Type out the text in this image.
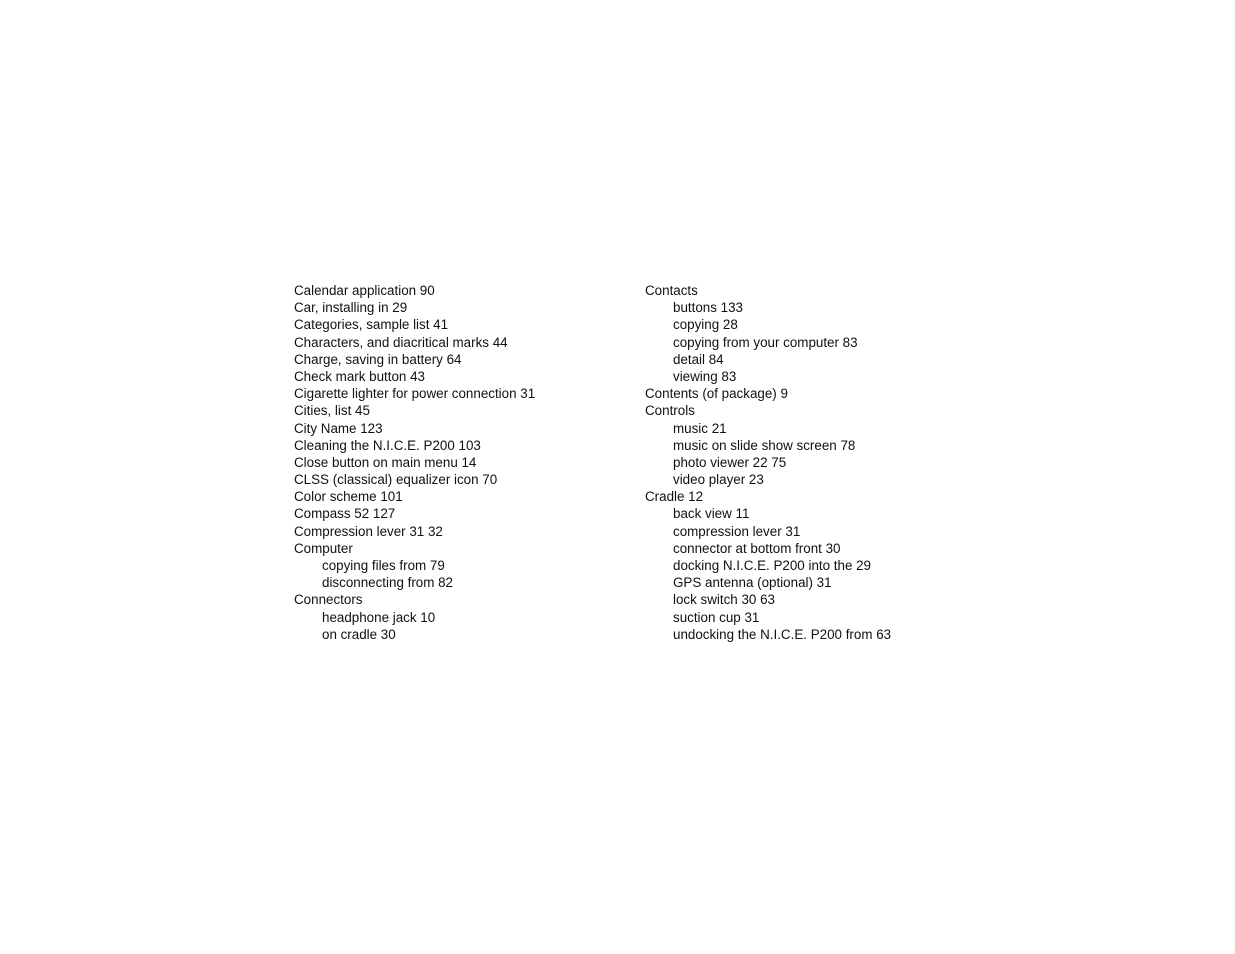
Calendar application 90
Car, installing in 29
Categories, sample list 41
Characters, and diacritical marks 44
Charge, saving in battery 64
Check mark button 43
Cigarette lighter for power connection 31
Cities, list 45
City Name 123
Cleaning the N.I.C.E. P200 103
Close button on main menu 14
CLSS (classical) equalizer icon 70
Color scheme 101
Compass 52 127
Compression lever 31 32
Computer
copying files from 79
disconnecting from 82
Connectors
headphone jack 10
on cradle 30
Contacts
buttons 133
copying 28
copying from your computer 83
detail 84
viewing 83
Contents (of package) 9
Controls
music 21
music on slide show screen 78
photo viewer 22 75
video player 23
Cradle 12
back view 11
compression lever 31
connector at bottom front 30
docking N.I.C.E. P200 into the 29
GPS antenna (optional) 31
lock switch 30 63
suction cup 31
undocking the N.I.C.E. P200 from 63
